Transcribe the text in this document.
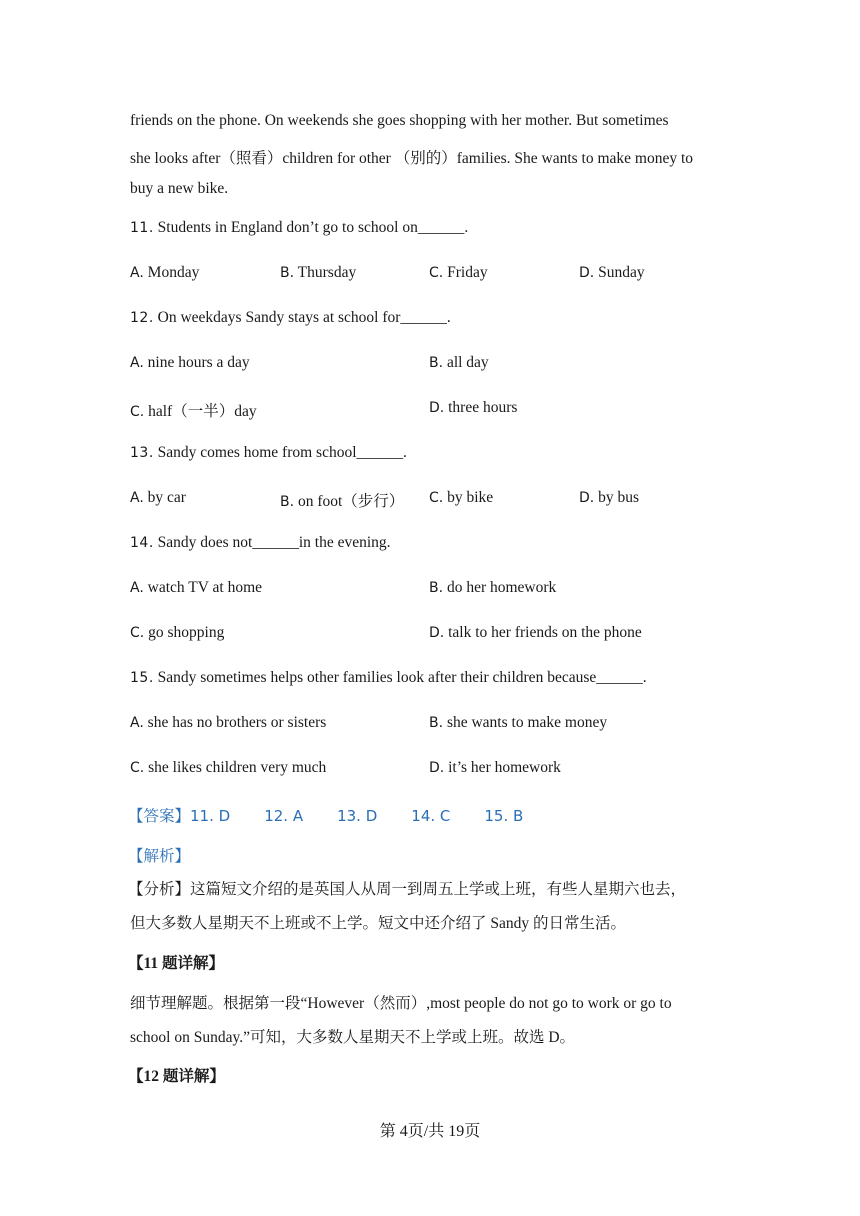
friends on the phone. On weekends she goes shopping with her mother. But sometimes
she looks after（照看）children for other （别的）families. She wants to make money to
buy a new bike.
11. Students in England don’t go to school on______.
A. Monday	B. Thursday	C. Friday	D. Sunday
12. On weekdays Sandy stays at school for______.
A. nine hours a day	B. all day
C. half（一半）day	D. three hours
13. Sandy comes home from school______.
A. by car	B. on foot（步行） C. by bike	D. by bus
14. Sandy does not______in the evening.
A. watch TV at home	B. do her homework
C. go shopping	D. talk to her friends on the phone
15. Sandy sometimes helps other families look after their children because______.
A. she has no brothers or sisters	B. she wants to make money
C. she likes children very much	D. it’s her homework
【答案】11. D 12. A 13. D 14. C 15. B
【解析】
【分析】这篇短文介绍的是英国人从周一到周五上学或上班，有些人星期六也去，
但大多数人星期天不上班或不上学。短文中还介绍了 Sandy 的日常生活。
【11 题详解】
细节理解题。根据第一段“However（然而）,most people do not go to work or go to
school on Sunday.”可知，大多数人星期天不上学或上班。故选 D。
【12 题详解】
第 4页/共 19页
